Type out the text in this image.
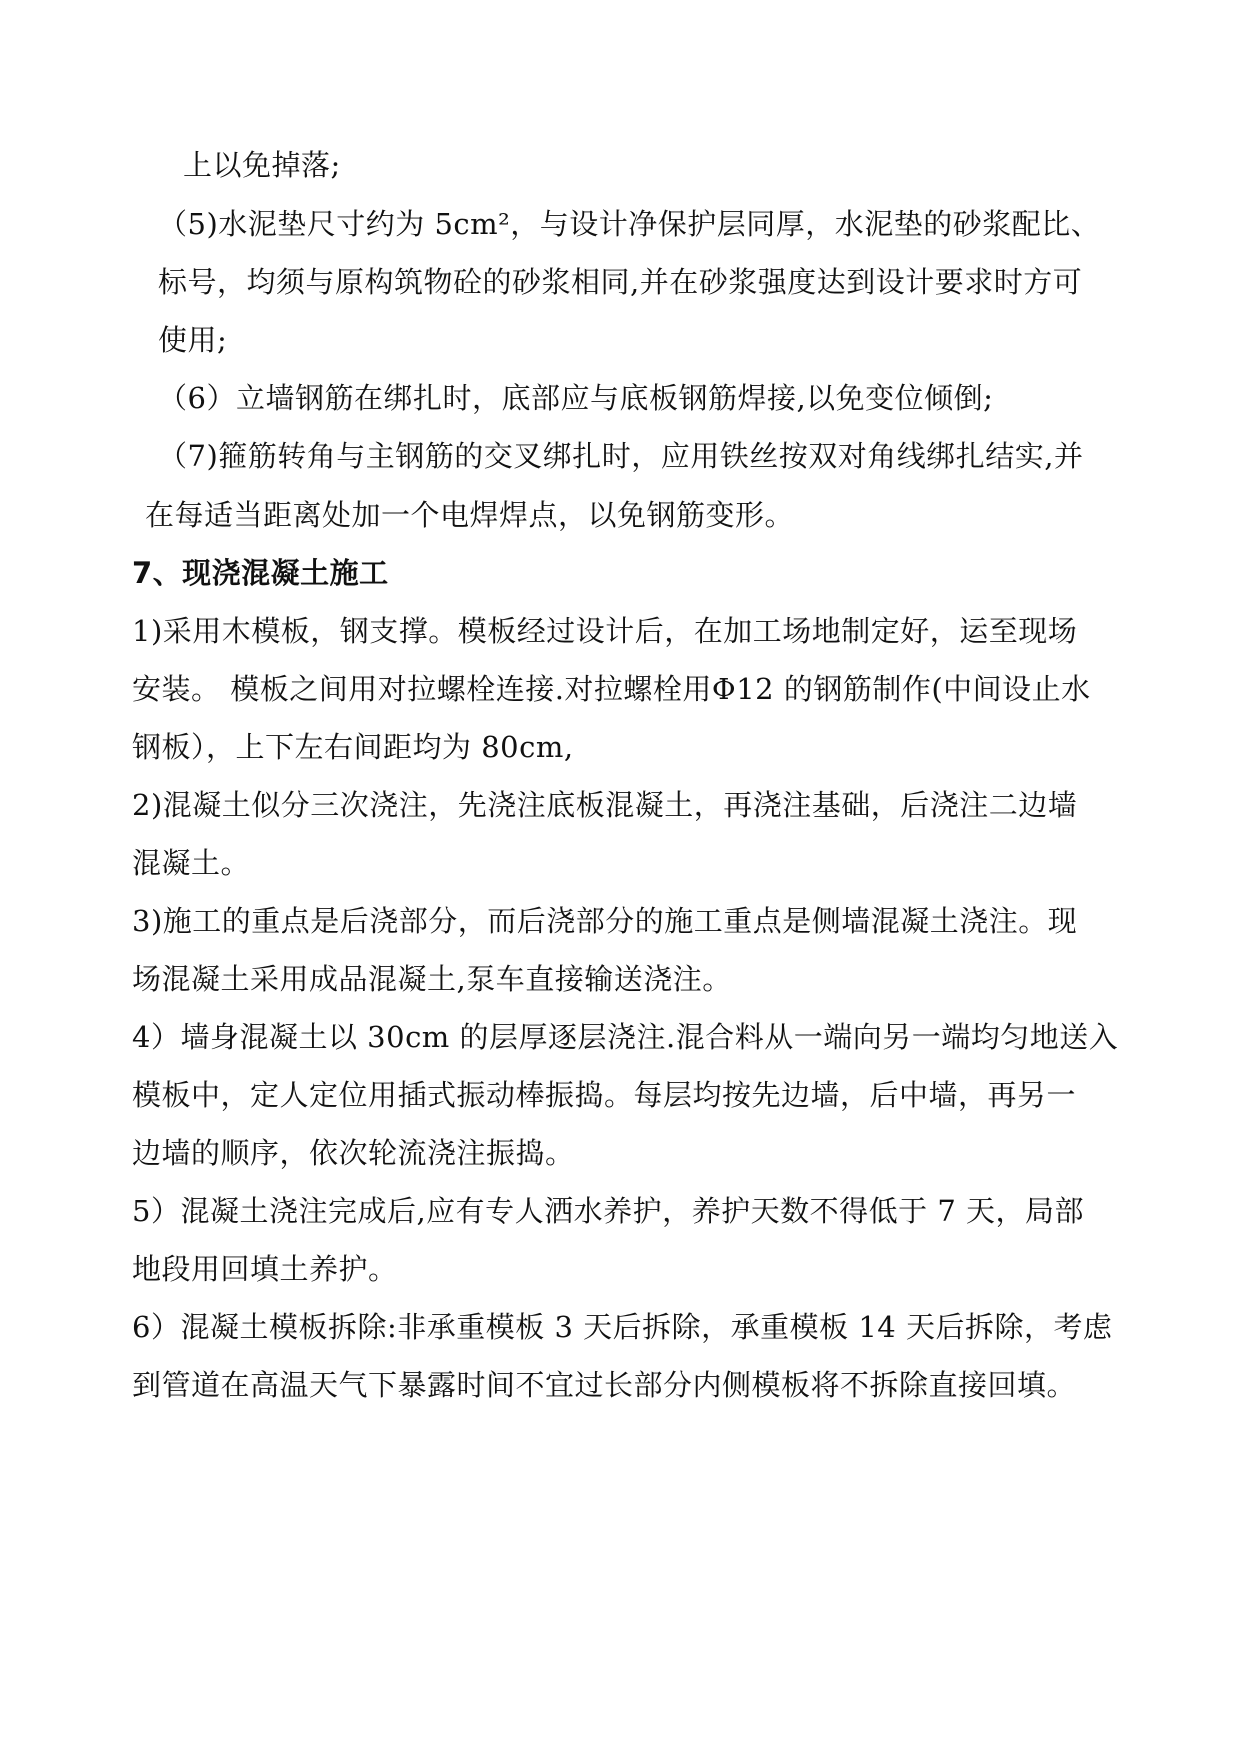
上以免掉落;
（5)水泥垫尺寸约为 5cm²，与设计净保护层同厚，水泥垫的砂浆配比、
标号，均须与原构筑物砼的砂浆相同,并在砂浆强度达到设计要求时方可
使用;
（6）立墙钢筋在绑扎时，底部应与底板钢筋焊接,以免变位倾倒;
（7)箍筋转角与主钢筋的交叉绑扎时，应用铁丝按双对角线绑扎结实,并
在每适当距离处加一个电焊焊点，以免钢筋变形。
7、现浇混凝土施工
1)采用木模板，钢支撑。模板经过设计后，在加工场地制定好，运至现场
安装。 模板之间用对拉螺栓连接.对拉螺栓用Φ12 的钢筋制作(中间设止水
钢板），上下左右间距均为 80cm,
2)混凝土似分三次浇注，先浇注底板混凝土，再浇注基础，后浇注二边墙
混凝土。
3)施工的重点是后浇部分，而后浇部分的施工重点是侧墙混凝土浇注。现
场混凝土采用成品混凝土,泵车直接输送浇注。
4）墙身混凝土以 30cm 的层厚逐层浇注.混合料从一端向另一端均匀地送入
模板中，定人定位用插式振动棒振捣。每层均按先边墙，后中墙，再另一
边墙的顺序，依次轮流浇注振捣。
5）混凝土浇注完成后,应有专人洒水养护，养护天数不得低于 7 天，局部
地段用回填土养护。
6）混凝土模板拆除:非承重模板 3 天后拆除，承重模板 14 天后拆除，考虑
到管道在高温天气下暴露时间不宜过长部分内侧模板将不拆除直接回填。
